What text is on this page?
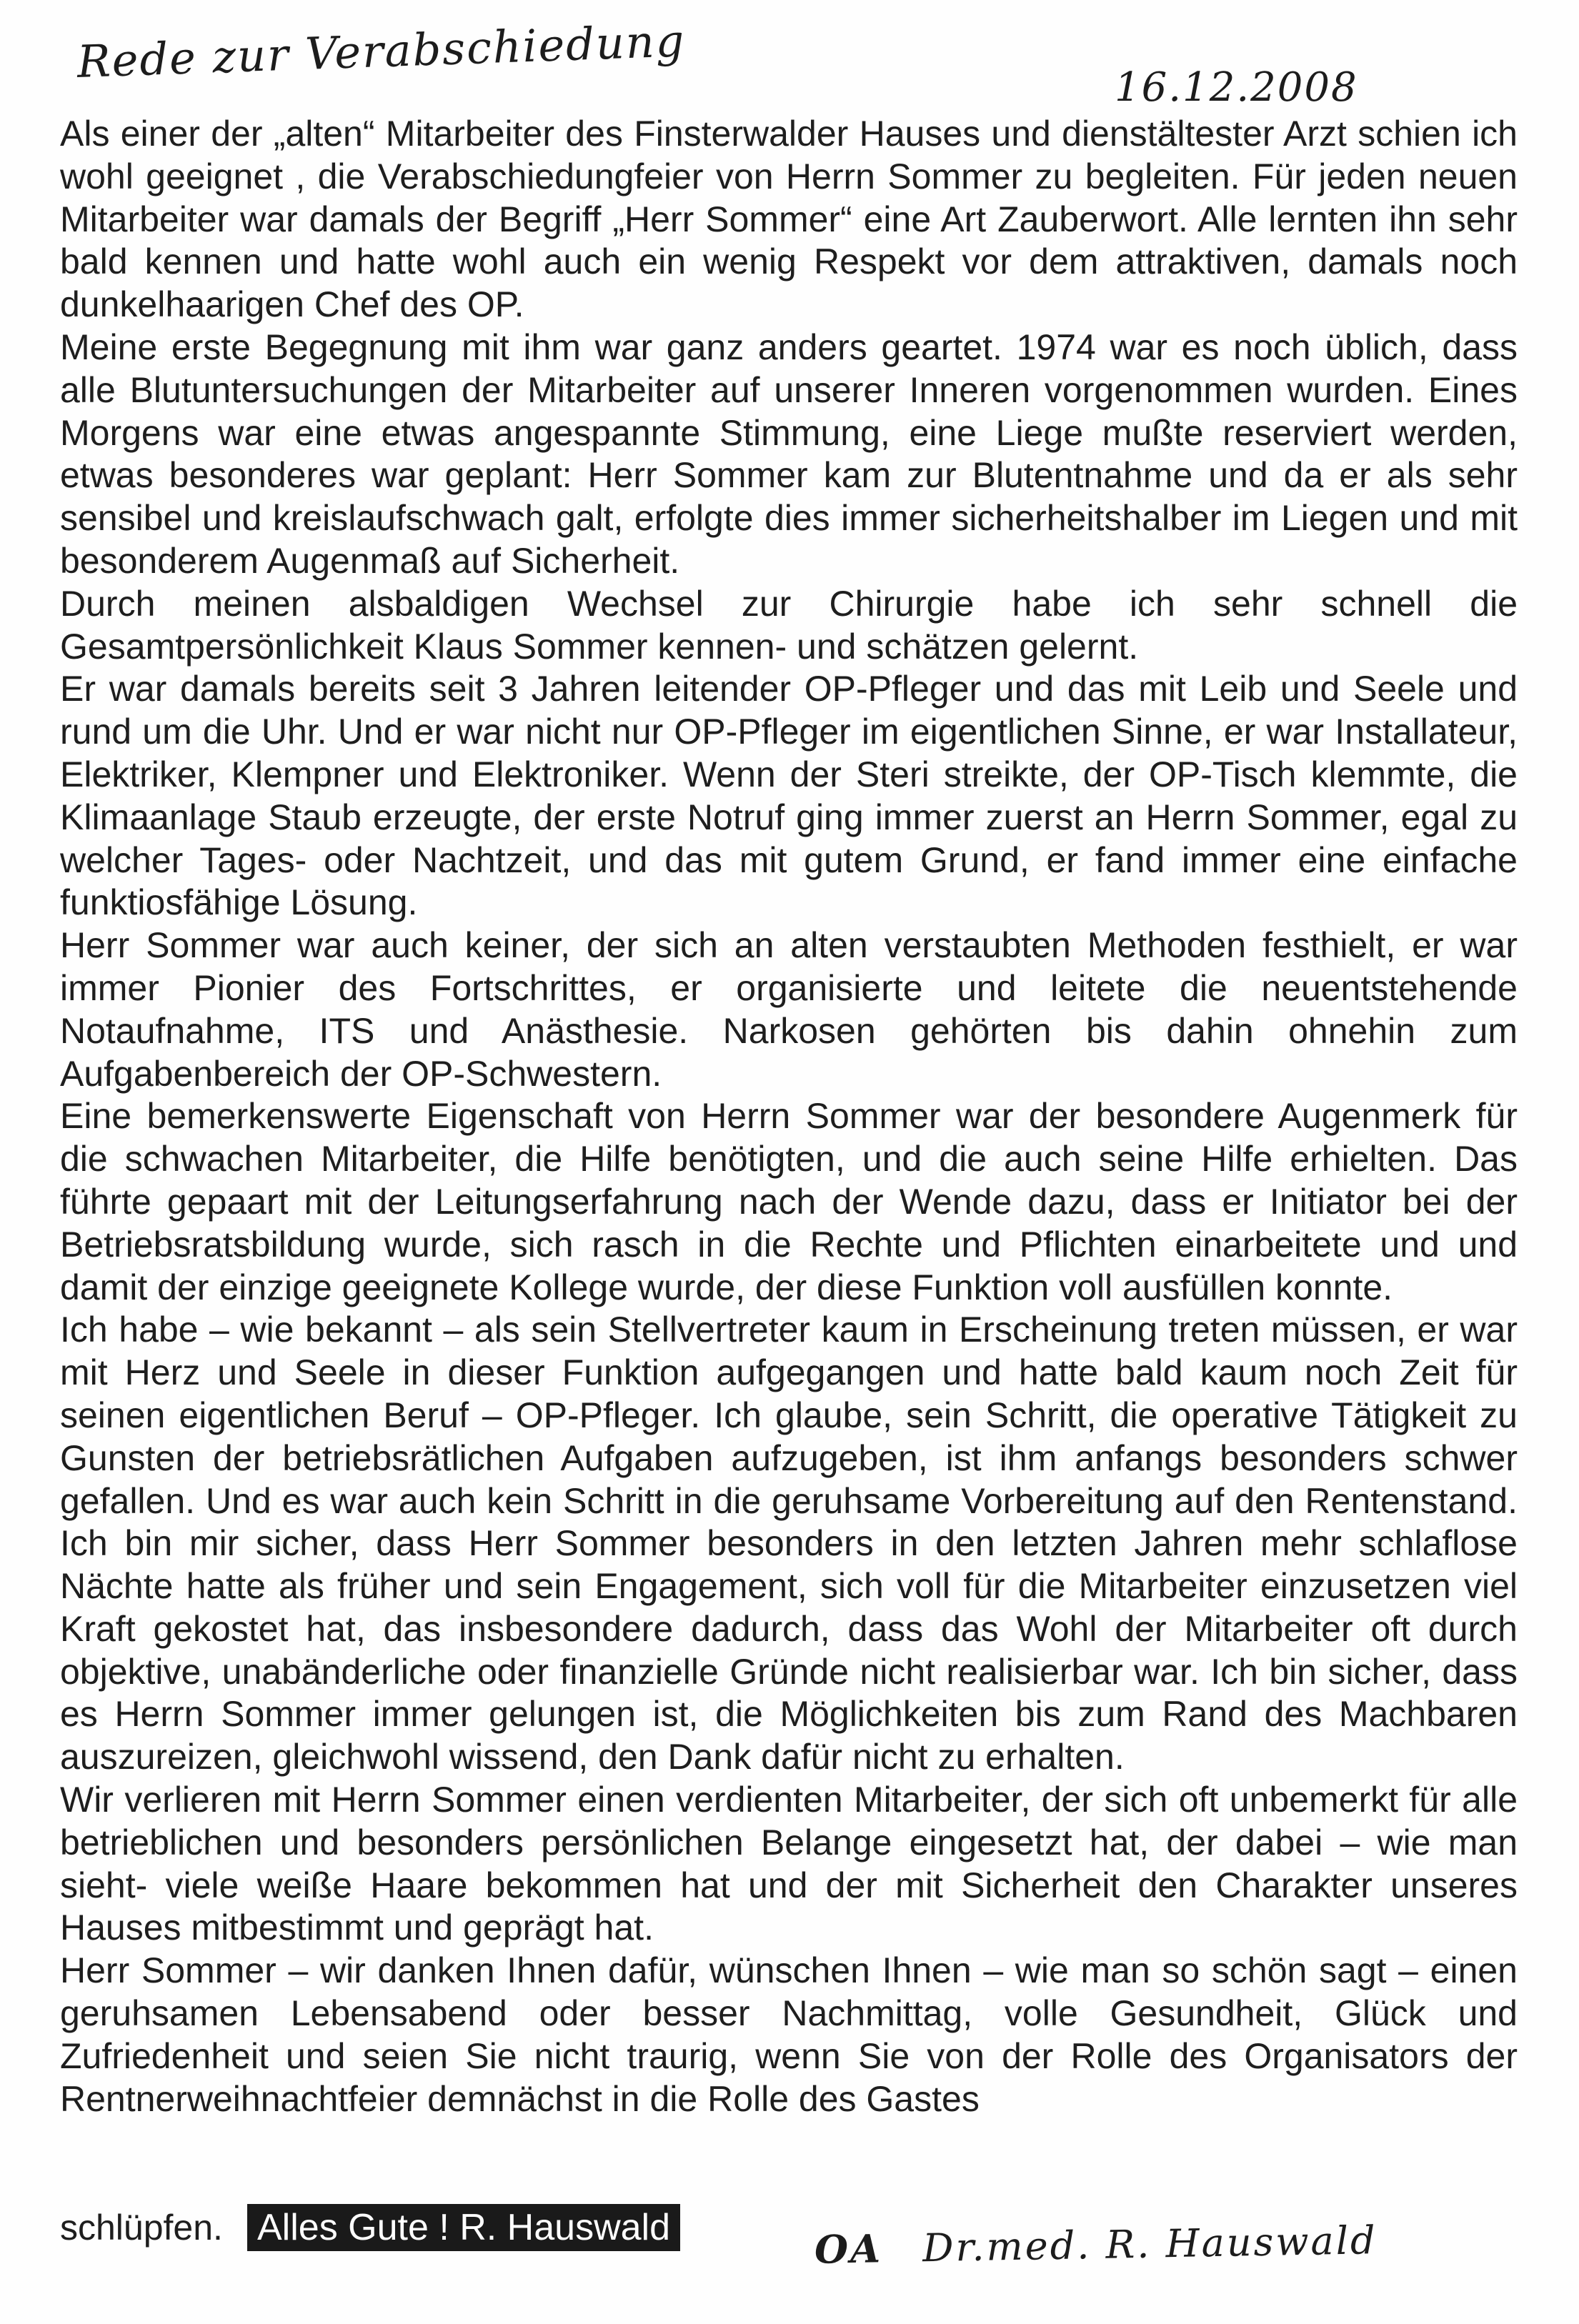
Rede zur Verabschiedung	16.12.2008

Als einer der „alten“ Mitarbeiter des Finsterwalder Hauses und dienstältester Arzt schien ich wohl geeignet , die Verabschiedungfeier von Herrn Sommer zu begleiten. Für jeden neuen Mitarbeiter war damals der Begriff „Herr Sommer“ eine Art Zauberwort. Alle lernten ihn sehr bald kennen und hatte wohl auch ein wenig Respekt vor dem attraktiven, damals noch dunkelhaarigen Chef des OP.

Meine erste Begegnung mit ihm war ganz anders geartet. 1974 war es noch üblich, dass alle Blutuntersuchungen der Mitarbeiter auf unserer Inneren vorgenommen wurden. Eines Morgens war eine etwas angespannte Stimmung, eine Liege mußte reserviert werden, etwas besonderes war geplant: Herr Sommer kam zur Blutentnahme und da er als sehr sensibel und kreislaufschwach galt, erfolgte dies immer sicherheitshalber im Liegen und mit besonderem Augenmaß auf Sicherheit.

Durch meinen alsbaldigen Wechsel zur Chirurgie habe ich sehr schnell die Gesamtpersönlichkeit Klaus Sommer kennen- und schätzen gelernt.

Er war damals bereits seit 3 Jahren leitender OP-Pfleger und das mit Leib und Seele und rund um die Uhr. Und er war nicht nur OP-Pfleger im eigentlichen Sinne, er war Installateur, Elektriker, Klempner und Elektroniker. Wenn der Steri streikte, der OP-Tisch klemmte, die Klimaanlage Staub erzeugte, der erste Notruf ging immer zuerst an Herrn Sommer, egal zu welcher Tages- oder Nachtzeit, und das mit gutem Grund, er fand immer eine einfache funktiosfähige Lösung.

Herr Sommer war auch keiner, der sich an alten verstaubten Methoden festhielt, er war immer Pionier des Fortschrittes, er organisierte und leitete die neuentstehende Notaufnahme, ITS und Anästhesie. Narkosen gehörten bis dahin ohnehin zum Aufgabenbereich der OP-Schwestern.

Eine bemerkenswerte Eigenschaft von Herrn Sommer war der besondere Augenmerk für die schwachen Mitarbeiter, die Hilfe benötigten, und die auch seine Hilfe erhielten. Das führte gepaart mit der Leitungserfahrung nach der Wende dazu, dass er Initiator bei der Betriebsratsbildung wurde, sich rasch in die Rechte und Pflichten einarbeitete und und damit der einzige geeignete Kollege wurde, der diese Funktion voll ausfüllen konnte.

Ich habe – wie bekannt – als sein Stellvertreter kaum in Erscheinung treten müssen, er war mit Herz und Seele in dieser Funktion aufgegangen und hatte bald kaum noch Zeit für seinen eigentlichen Beruf – OP-Pfleger. Ich glaube, sein Schritt, die operative Tätigkeit zu Gunsten der betriebsrätlichen Aufgaben aufzugeben, ist ihm anfangs besonders schwer gefallen. Und es war auch kein Schritt in die geruhsame Vorbereitung auf den Rentenstand. Ich bin mir sicher, dass Herr Sommer besonders in den letzten Jahren mehr schlaflose Nächte hatte als früher und sein Engagement, sich voll für die Mitarbeiter einzusetzen viel Kraft gekostet hat, das insbesondere dadurch, dass das Wohl der Mitarbeiter oft durch objektive, unabänderliche oder finanzielle Gründe nicht realisierbar war. Ich bin sicher, dass es Herrn Sommer immer gelungen ist, die Möglichkeiten bis zum Rand des Machbaren auszureizen, gleichwohl wissend, den Dank dafür nicht zu erhalten.

Wir verlieren mit Herrn Sommer einen verdienten Mitarbeiter, der sich oft unbemerkt für alle betrieblichen und besonders persönlichen Belange eingesetzt hat, der dabei – wie man sieht- viele weiße Haare bekommen hat und der mit Sicherheit den Charakter unseres Hauses mitbestimmt und geprägt hat.

Herr Sommer – wir danken Ihnen dafür, wünschen Ihnen – wie man so schön sagt – einen geruhsamen Lebensabend oder besser Nachmittag, volle Gesundheit, Glück und Zufriedenheit und seien Sie nicht traurig, wenn Sie von der Rolle des Organisators der Rentnerweihnachtfeier demnächst in die Rolle des Gastes

schlüpfen. Alles Gute ! R. Hauswald	OA Dr.med. R. Hauswald
